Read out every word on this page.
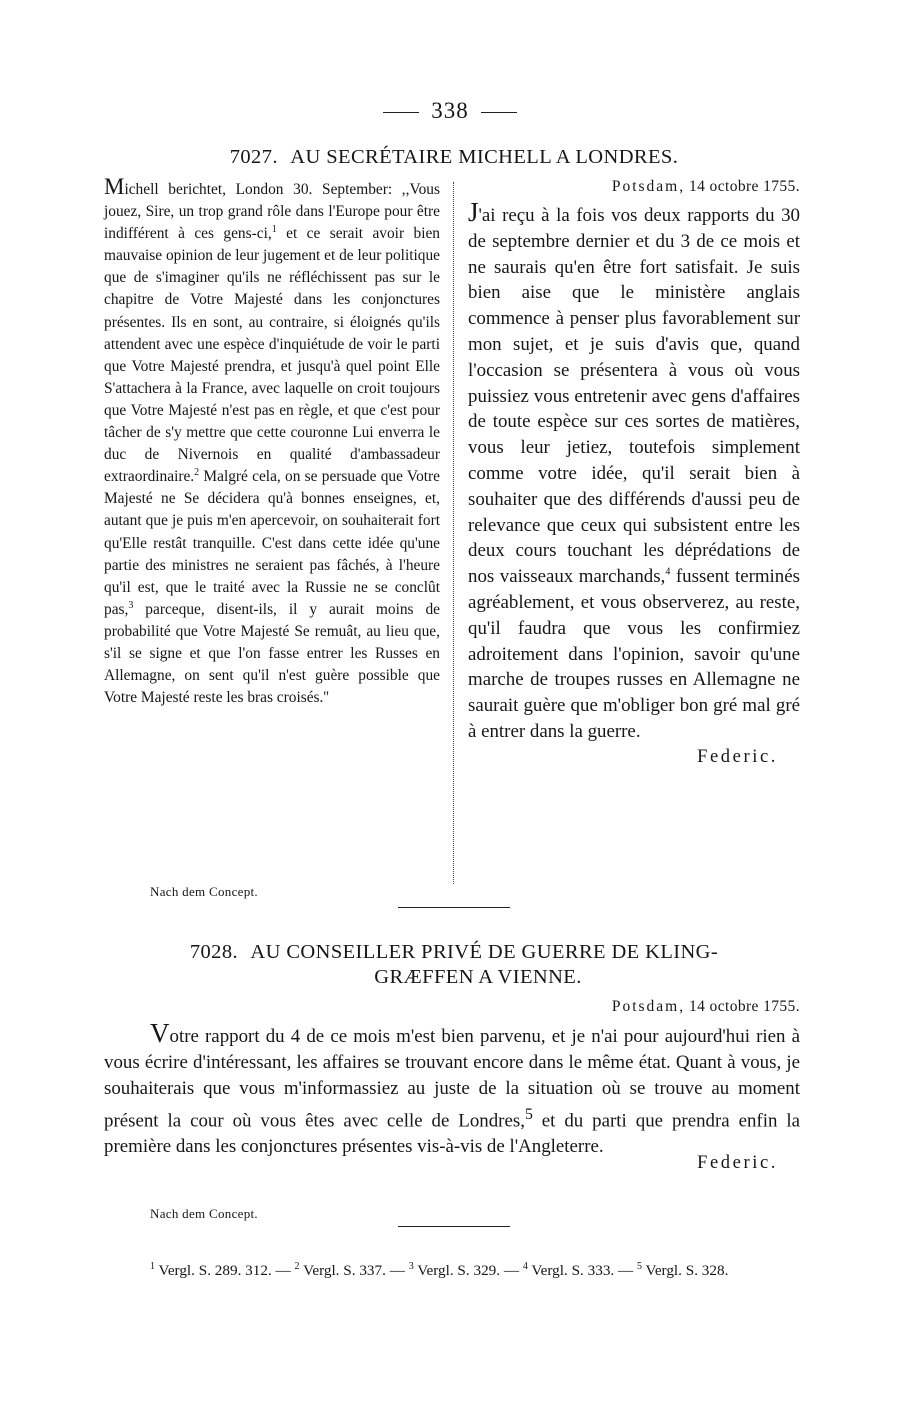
338
7027. AU SECRÉTAIRE MICHELL A LONDRES.
Michell berichtet, London 30. September: ,,Vous jouez, Sire, un trop grand rôle dans l'Europe pour être indifférent à ces gens-ci,$^1$ et ce serait avoir bien mauvaise opinion de leur jugement et de leur politique que de s'imaginer qu'ils ne réfléchissent pas sur le chapitre de Votre Majesté dans les conjonctures présentes. Ils en sont, au contraire, si éloignés qu'ils attendent avec une espèce d'inquiétude de voir le parti que Votre Majesté prendra, et jusqu'à quel point Elle S'attachera à la France, avec laquelle on croit toujours que Votre Majesté n'est pas en règle, et que c'est pour tâcher de s'y mettre que cette couronne Lui enverra le duc de Nivernois en qualité d'ambassadeur extraordinaire.$^2$ Malgré cela, on se persuade que Votre Majesté ne Se décidera qu'à bonnes enseignes, et, autant que je puis m'en apercevoir, on souhaiterait fort qu'Elle restât tranquille. C'est dans cette idée qu'une partie des ministres ne seraient pas fâchés, à l'heure qu'il est, que le traité avec la Russie ne se conclût pas,$^3$ parceque, disent-ils, il y aurait moins de probabilité que Votre Majesté Se remuât, au lieu que, s'il se signe et que l'on fasse entrer les Russes en Allemagne, on sent qu'il n'est guère possible que Votre Majesté reste les bras croisés.''
Potsdam, 14 octobre 1755.
J'ai reçu à la fois vos deux rapports du 30 de septembre dernier et du 3 de ce mois et ne saurais qu'en être fort satisfait. Je suis bien aise que le ministère anglais commence à penser plus favorablement sur mon sujet, et je suis d'avis que, quand l'occasion se présentera à vous où vous puissiez vous entretenir avec gens d'affaires de toute espèce sur ces sortes de matières, vous leur jetiez, toutefois simplement comme votre idée, qu'il serait bien à souhaiter que des différends d'aussi peu de relevance que ceux qui subsistent entre les deux cours touchant les déprédations de nos vaisseaux marchands,$^4$ fussent terminés agréablement, et vous observerez, au reste, qu'il faudra que vous les confirmiez adroitement dans l'opinion, savoir qu'une marche de troupes russes en Allemagne ne saurait guère que m'obliger bon gré mal gré à entrer dans la guerre.
Federic.
Nach dem Concept.
7028. AU CONSEILLER PRIVÉ DE GUERRE DE KLING-
GRÆFFEN A VIENNE.
Potsdam, 14 octobre 1755.
Votre rapport du 4 de ce mois m'est bien parvenu, et je n'ai pour aujourd'hui rien à vous écrire d'intéressant, les affaires se trouvant encore dans le même état. Quant à vous, je souhaiterais que vous m'informassiez au juste de la situation où se trouve au moment présent la cour où vous êtes avec celle de Londres,$^5$ et du parti que prendra enfin la première dans les conjonctures présentes vis-à-vis de l'Angleterre.
Federic.
Nach dem Concept.
$^1$ Vergl. S. 289. 312. — $^2$ Vergl. S. 337. — $^3$ Vergl. S. 329. — $^4$ Vergl. S. 333. — $^5$ Vergl. S. 328.
